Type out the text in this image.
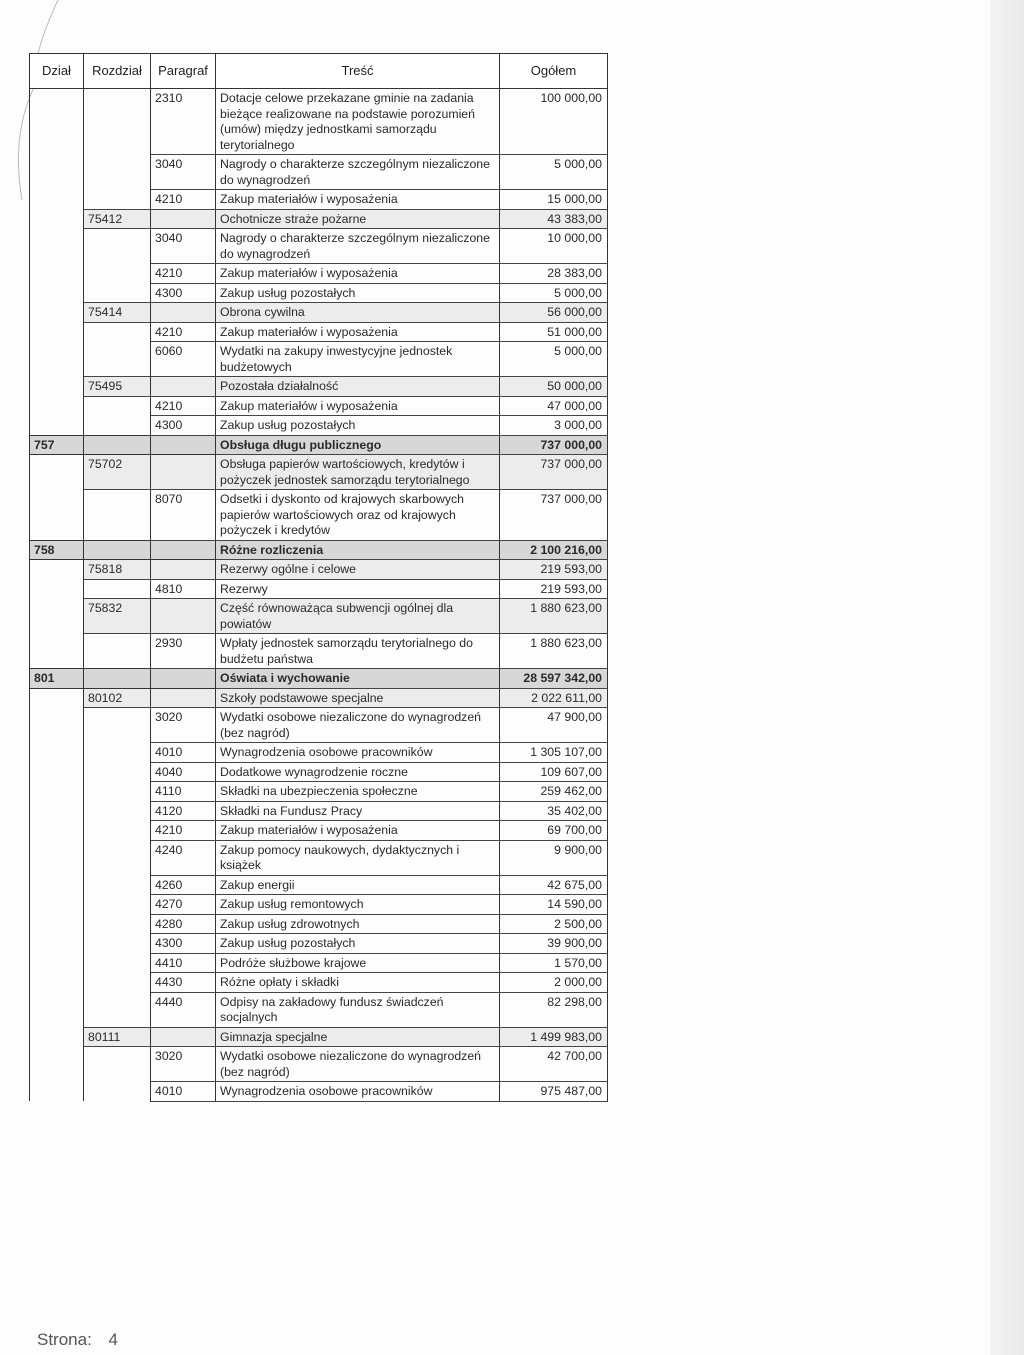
Dział	Rozdział	Paragraf	Treść	Ogółem
		2310	Dotacje celowe przekazane gminie na zadania bieżące realizowane na podstawie porozumień (umów) między jednostkami samorządu terytorialnego	100 000,00
		3040	Nagrody o charakterze szczególnym niezaliczone do wynagrodzeń	5 000,00
		4210	Zakup materiałów i wyposażenia	15 000,00
	75412		Ochotnicze straże pożarne	43 383,00
		3040	Nagrody o charakterze szczególnym niezaliczone do wynagrodzeń	10 000,00
		4210	Zakup materiałów i wyposażenia	28 383,00
		4300	Zakup usług pozostałych	5 000,00
	75414		Obrona cywilna	56 000,00
		4210	Zakup materiałów i wyposażenia	51 000,00
		6060	Wydatki na zakupy inwestycyjne jednostek budżetowych	5 000,00
	75495		Pozostała działalność	50 000,00
		4210	Zakup materiałów i wyposażenia	47 000,00
		4300	Zakup usług pozostałych	3 000,00
757			Obsługa długu publicznego	737 000,00
	75702		Obsługa papierów wartościowych, kredytów i pożyczek jednostek samorządu terytorialnego	737 000,00
		8070	Odsetki i dyskonto od krajowych skarbowych papierów wartościowych oraz od krajowych pożyczek i kredytów	737 000,00
758			Różne rozliczenia	2 100 216,00
	75818		Rezerwy ogólne i celowe	219 593,00
		4810	Rezerwy	219 593,00
	75832		Część równoważąca subwencji ogólnej dla powiatów	1 880 623,00
		2930	Wpłaty jednostek samorządu terytorialnego do budżetu państwa	1 880 623,00
801			Oświata i wychowanie	28 597 342,00
	80102		Szkoły podstawowe specjalne	2 022 611,00
		3020	Wydatki osobowe niezaliczone do wynagrodzeń (bez nagród)	47 900,00
		4010	Wynagrodzenia osobowe pracowników	1 305 107,00
		4040	Dodatkowe wynagrodzenie roczne	109 607,00
		4110	Składki na ubezpieczenia społeczne	259 462,00
		4120	Składki na Fundusz Pracy	35 402,00
		4210	Zakup materiałów i wyposażenia	69 700,00
		4240	Zakup pomocy naukowych, dydaktycznych i książek	9 900,00
		4260	Zakup energii	42 675,00
		4270	Zakup usług remontowych	14 590,00
		4280	Zakup usług zdrowotnych	2 500,00
		4300	Zakup usług pozostałych	39 900,00
		4410	Podróże służbowe krajowe	1 570,00
		4430	Różne opłaty i składki	2 000,00
		4440	Odpisy na zakładowy fundusz świadczeń socjalnych	82 298,00
	80111		Gimnazja specjalne	1 499 983,00
		3020	Wydatki osobowe niezaliczone do wynagrodzeń (bez nagród)	42 700,00
		4010	Wynagrodzenia osobowe pracowników	975 487,00
Strona: 4
